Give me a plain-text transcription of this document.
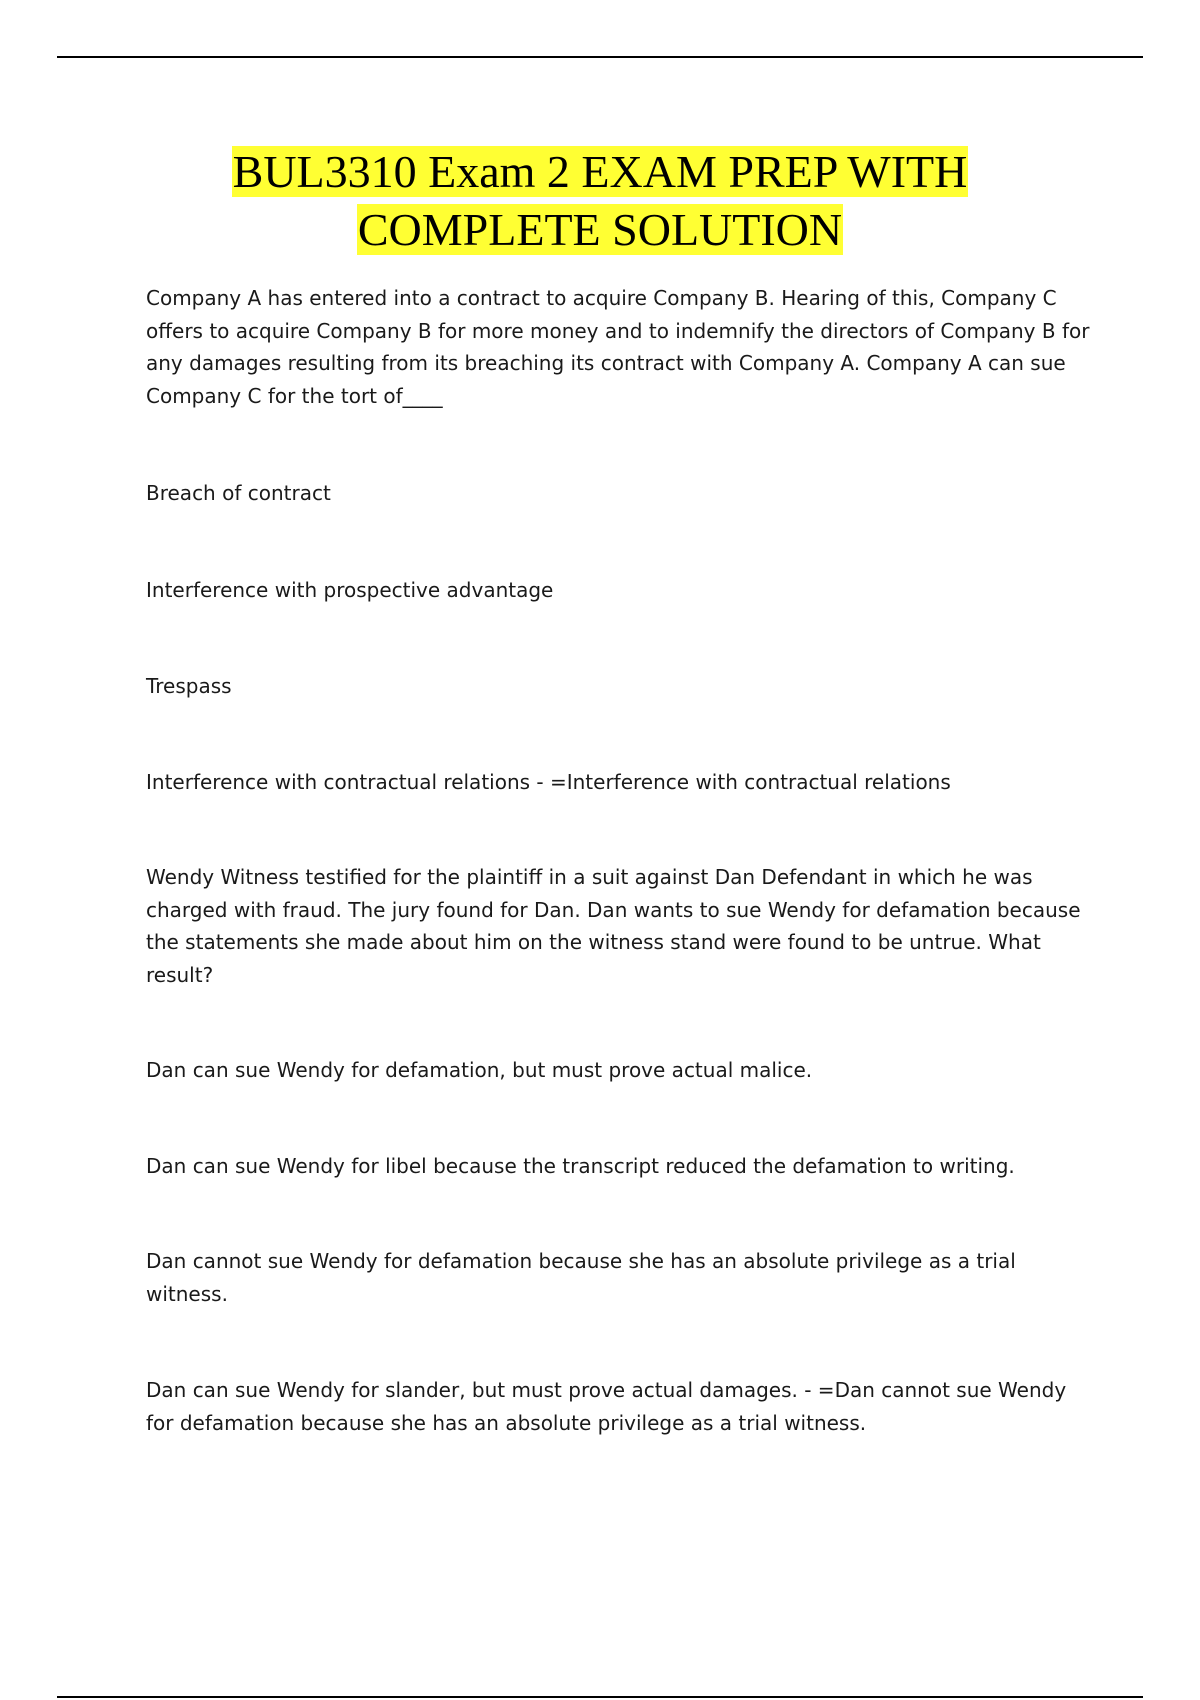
BUL3310 Exam 2 EXAM PREP WITH
COMPLETE SOLUTION

Company A has entered into a contract to acquire Company B. Hearing of this, Company C offers to acquire Company B for more money and to indemnify the directors of Company B for any damages resulting from its breaching its contract with Company A. Company A can sue Company C for the tort of____

Breach of contract

Interference with prospective advantage

Trespass

Interference with contractual relations - =Interference with contractual relations

Wendy Witness testified for the plaintiff in a suit against Dan Defendant in which he was charged with fraud. The jury found for Dan. Dan wants to sue Wendy for defamation because the statements she made about him on the witness stand were found to be untrue. What result?

Dan can sue Wendy for defamation, but must prove actual malice.

Dan can sue Wendy for libel because the transcript reduced the defamation to writing.

Dan cannot sue Wendy for defamation because she has an absolute privilege as a trial witness.

Dan can sue Wendy for slander, but must prove actual damages. - =Dan cannot sue Wendy for defamation because she has an absolute privilege as a trial witness.
